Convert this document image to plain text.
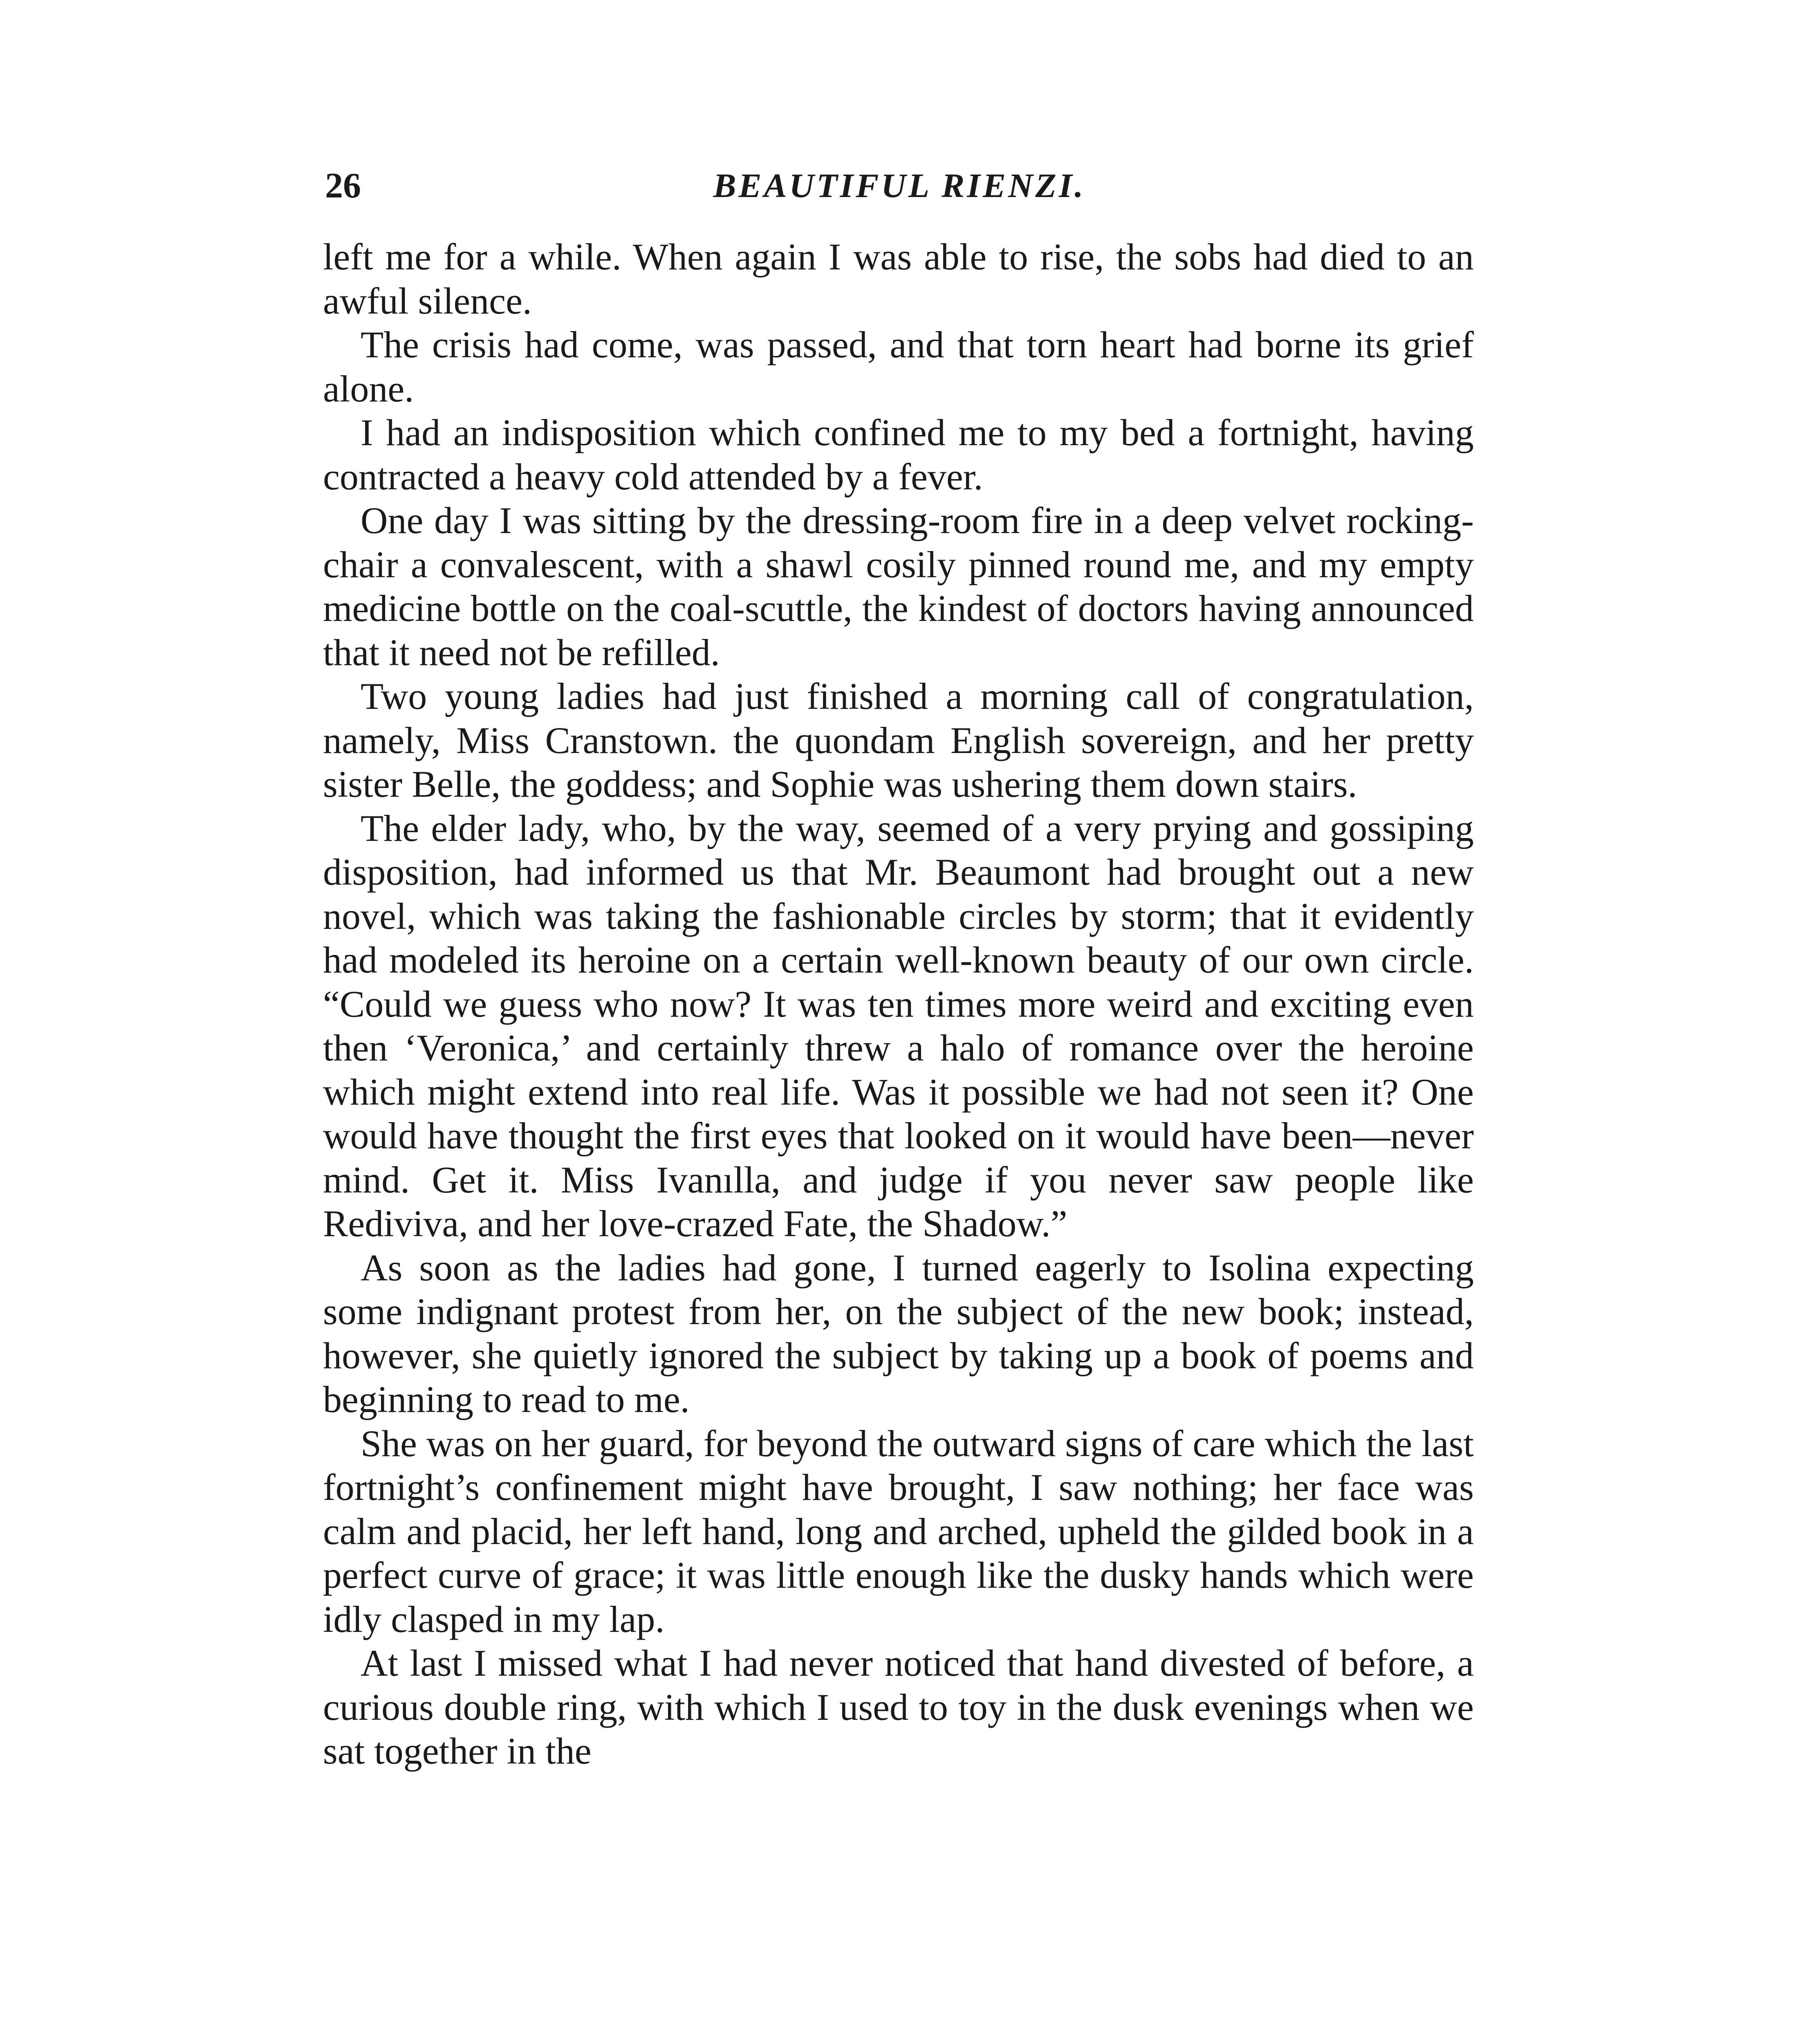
26	BEAUTIFUL RIENZI.

left me for a while. When again I was able to rise, the sobs had died to an awful silence.

The crisis had come, was passed, and that torn heart had borne its grief alone.

I had an indisposition which confined me to my bed a fortnight, having contracted a heavy cold attended by a fever.

One day I was sitting by the dressing-room fire in a deep velvet rocking-chair a convalescent, with a shawl cosily pinned round me, and my empty medicine bottle on the coal-scuttle, the kindest of doctors having announced that it need not be refilled.

Two young ladies had just finished a morning call of congratulation, namely, Miss Cranstown. the quondam English sovereign, and her pretty sister Belle, the goddess; and Sophie was ushering them down stairs.

The elder lady, who, by the way, seemed of a very prying and gossiping disposition, had informed us that Mr. Beaumont had brought out a new novel, which was taking the fashionable circles by storm; that it evidently had modeled its heroine on a certain well-known beauty of our own circle. “Could we guess who now? It was ten times more weird and exciting even then ‘Veronica,’ and certainly threw a halo of romance over the heroine which might extend into real life. Was it possible we had not seen it? One would have thought the first eyes that looked on it would have been—never mind. Get it. Miss Ivanılla, and judge if you never saw people like Rediviva, and her love-crazed Fate, the Shadow.”

As soon as the ladies had gone, I turned eagerly to Isolina expecting some indignant protest from her, on the subject of the new book; instead, however, she quietly ignored the subject by taking up a book of poems and beginning to read to me.

She was on her guard, for beyond the outward signs of care which the last fortnight’s confinement might have brought, I saw nothing; her face was calm and placid, her left hand, long and arched, upheld the gilded book in a perfect curve of grace; it was little enough like the dusky hands which were idly clasped in my lap.

At last I missed what I had never noticed that hand divested of before, a curious double ring, with which I used to toy in the dusk evenings when we sat together in the
